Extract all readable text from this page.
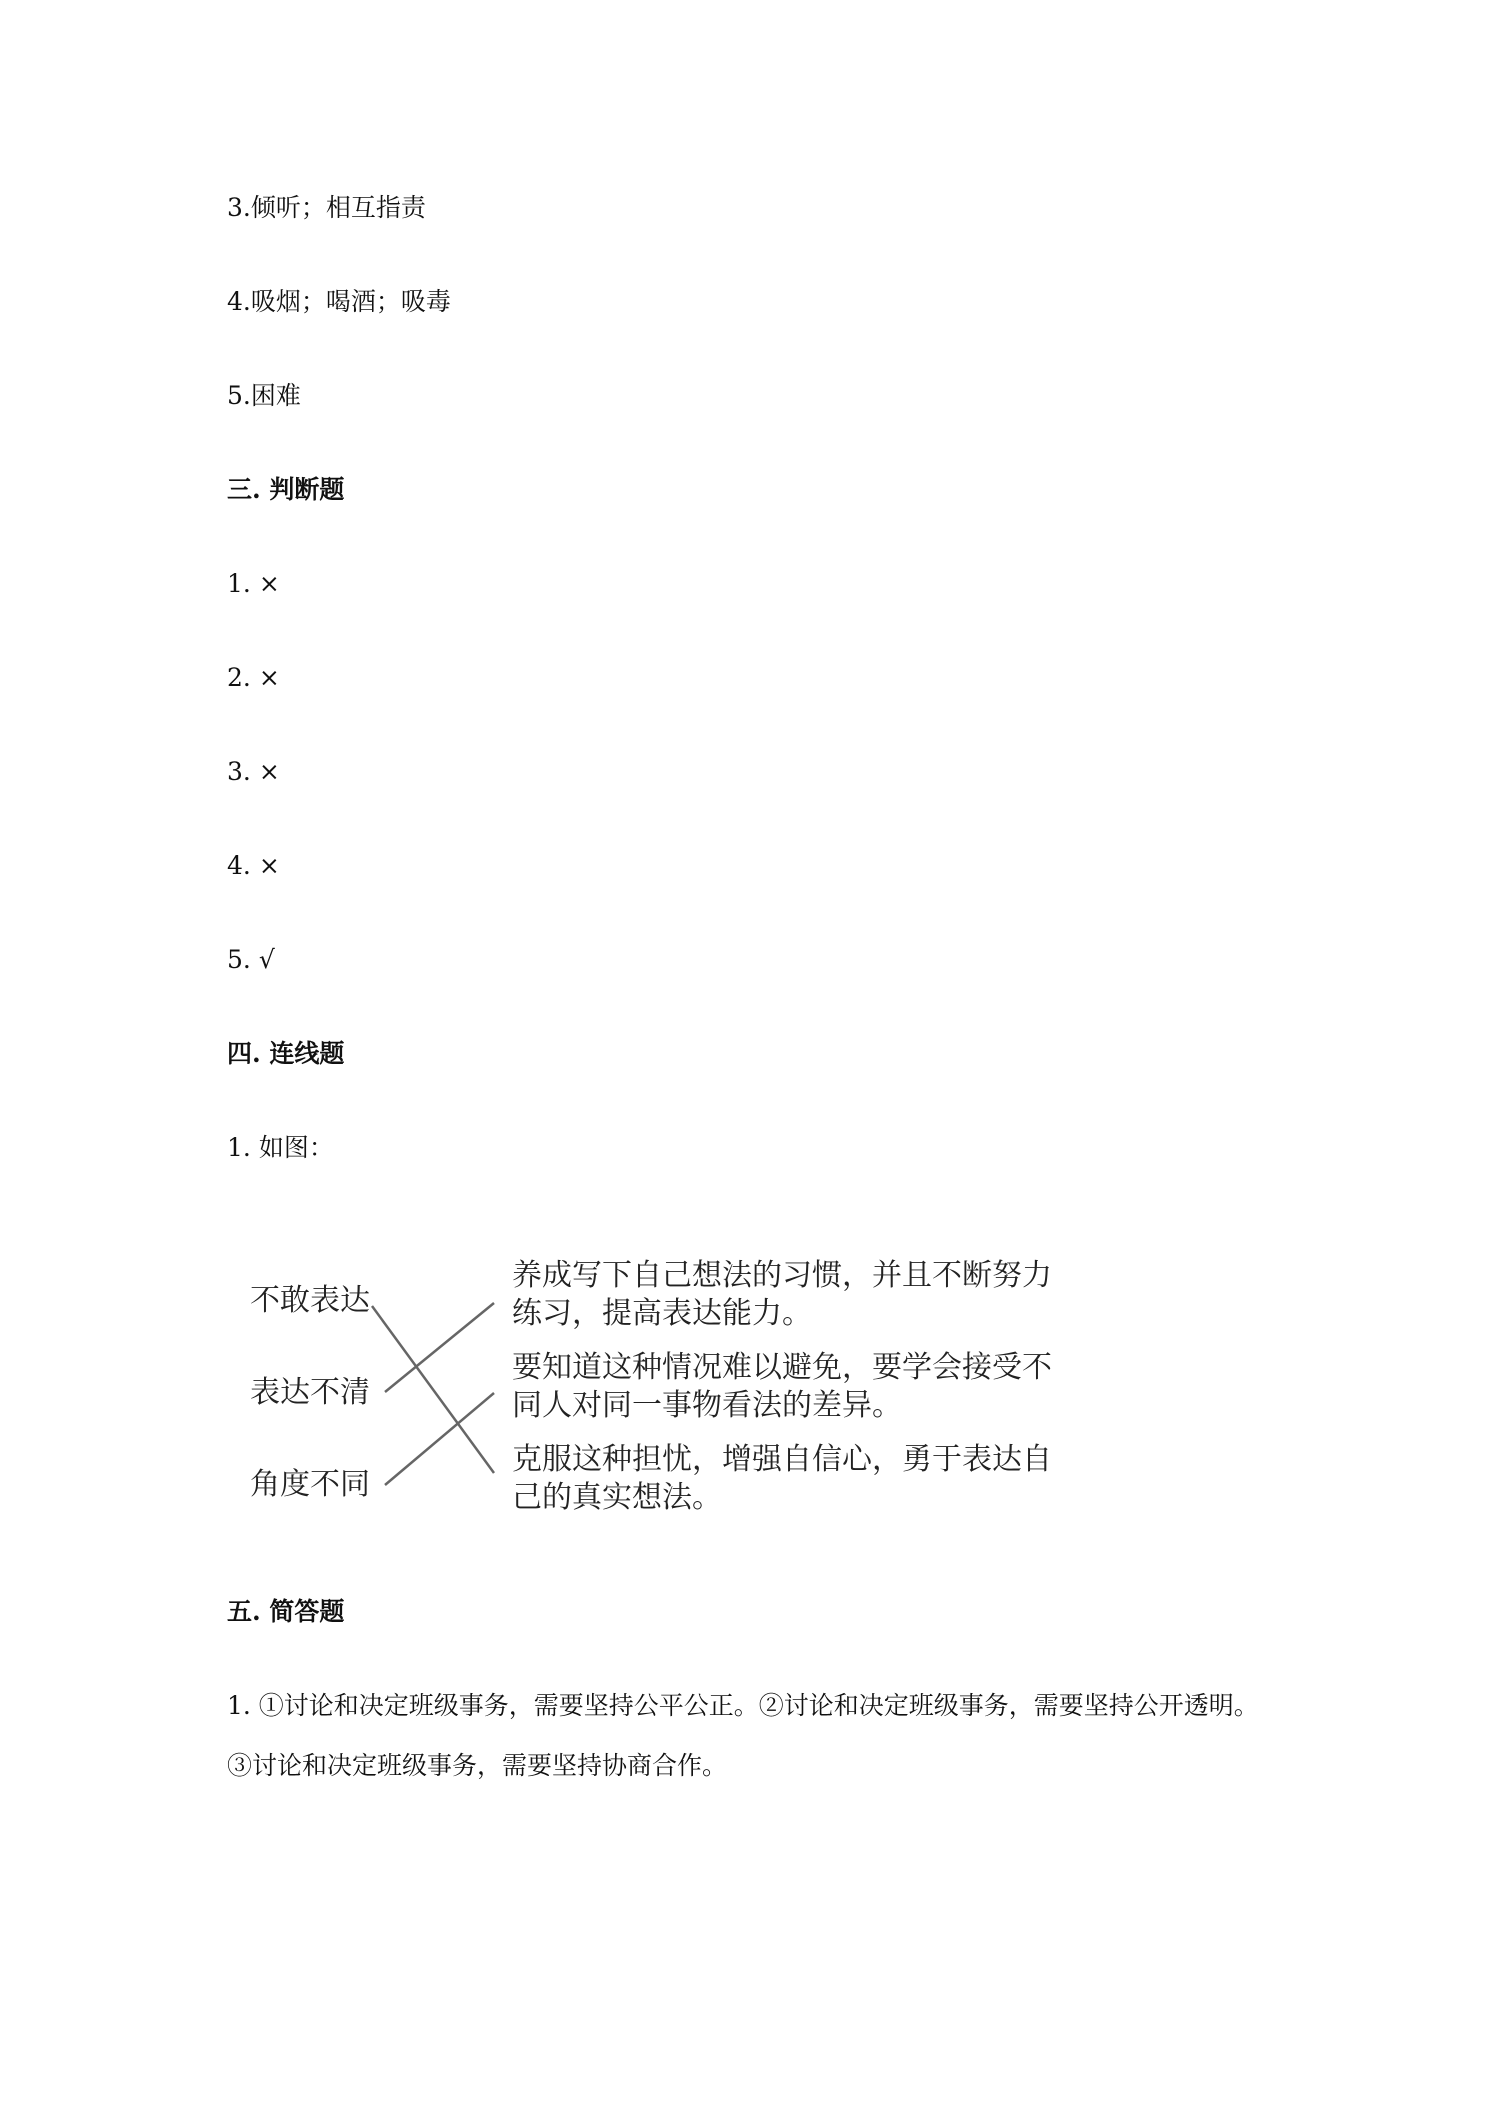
3.倾听；相互指责
4.吸烟；喝酒；吸毒
5.困难
三. 判断题
1. ×
2. ×
3. ×
4. ×
5. √
四. 连线题
1. 如图：
不敢表达
表达不清
角度不同
养成写下自己想法的习惯，并且不断努力
练习，提高表达能力。
要知道这种情况难以避免，要学会接受不
同人对同一事物看法的差异。
克服这种担忧，增强自信心，勇于表达自
己的真实想法。
五. 简答题
1. ①讨论和决定班级事务，需要坚持公平公正。②讨论和决定班级事务，需要坚持公开透明。
③讨论和决定班级事务，需要坚持协商合作。
